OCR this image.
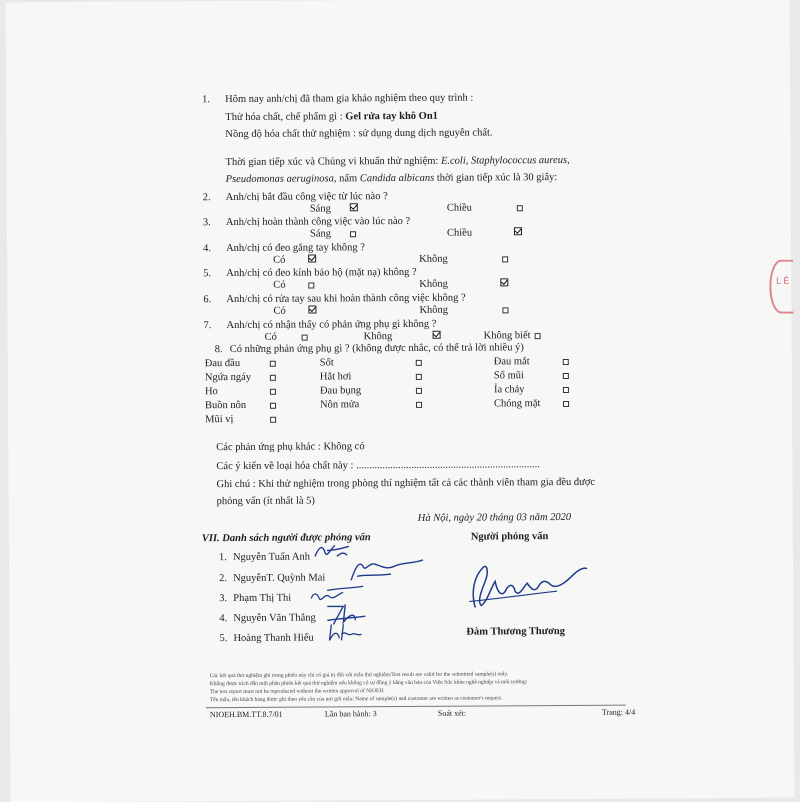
1. Hôm nay anh/chị đã tham gia khảo nghiệm theo quy trình :
Thử hóa chất, chế phẩm gì : Gel rửa tay khô On1
Nồng độ hóa chất thử nghiệm : sử dụng dung dịch nguyên chất.
Thời gian tiếp xúc và Chủng vi khuẩn thử nghiệm: E.coli, Staphylococcus aureus,
Pseudomonas aeruginosa, nấm Candida albicans thời gian tiếp xúc là 30 giây:
2. Anh/chị bắt đầu công việc từ lúc nào ?
Sáng	Chiều
3. Anh/chị hoàn thành công việc vào lúc nào ?
Sáng	Chiều
4. Anh/chị có đeo găng tay không ?
Có	Không
5. Anh/chị có đeo kính bảo hộ (mặt nạ) không ?
Có	Không
6. Anh/chị có rửa tay sau khi hoàn thành công việc không ?
Có	Không
7. Anh/chị có nhận thấy có phản ứng phụ gì không ?
Có	Không	Không biết
8. Có những phản ứng phụ gì ? (không được nhắc, có thể trả lời nhiều ý)
Đau đầu	Sốt	Đau mắt
Ngứa ngáy	Hắt hơi	Sổ mũi
Ho	Đau bụng	Ỉa chảy
Buồn nôn	Nôn mửa	Chóng mặt
Mũi vị
Các phản ứng phụ khác : Không có
Các ý kiến về loại hóa chất này : ......................................................................
Ghi chú : Khi thử nghiệm trong phòng thí nghiệm tất cả các thành viên tham gia đều được
phỏng vấn (ít nhất là 5)
Hà Nội, ngày 20 tháng 03 năm 2020
VII. Danh sách người được phỏng vấn	Người phỏng vấn
1. Nguyễn Tuấn Anh
2. NguyễnT. Quỳnh Mai
3. Phạm Thị Thi
4. Nguyễn Văn Thắng
5. Hoàng Thanh Hiếu
Đàm Thương Thương
Các kết quả thử nghiệm ghi trong phiếu này chỉ có giá trị đối với mẫu thử nghiệm/Test result are valid for the submitted sample(s) only.
Không được trích dẫn một phần phiếu kết quả thử nghiệm nếu không có sự đồng ý bằng văn bản của Viện Sức khỏe nghề nghiệp và môi trường/
The test report must not be reproduced without the written approval of NIOEH.
Tên mẫu, tên khách hàng được ghi theo yêu cầu của nơi gửi mẫu/ Name of sample(s) and customer are written as customer's request.
NIOEH.BM.TT.8.7/01	Lần ban hành: 3	Soát xét:	Trang: 4/4
L É
